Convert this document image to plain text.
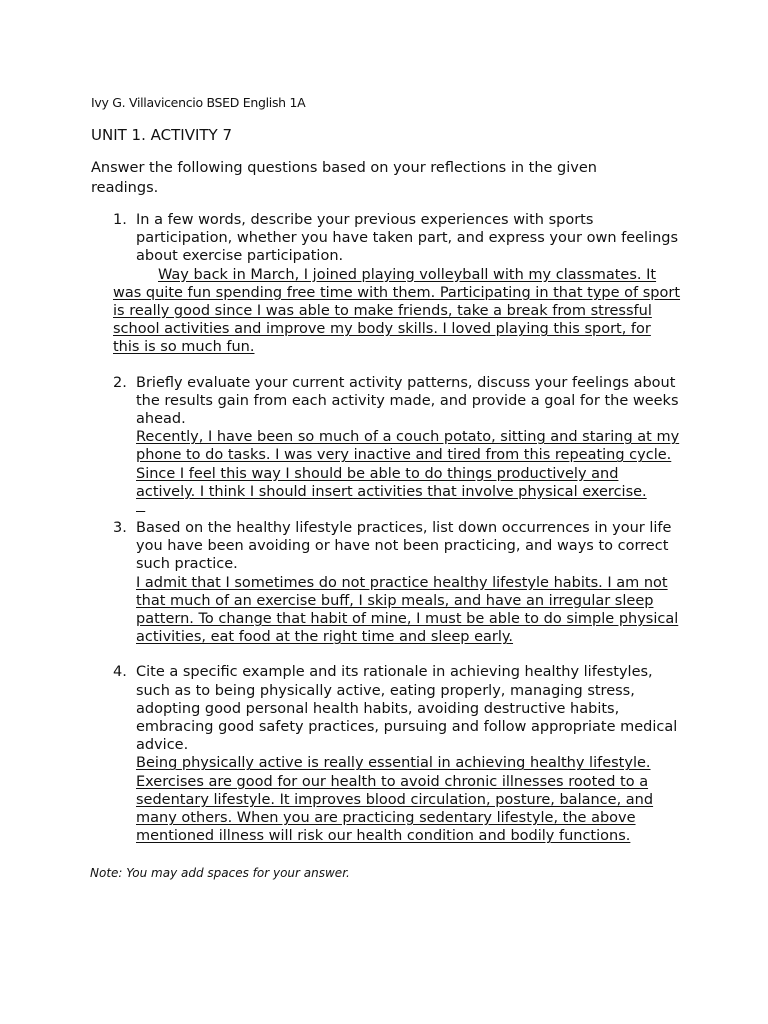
Ivy G. Villavicencio BSED English 1A

UNIT 1. ACTIVITY 7

Answer the following questions based on your reflections in the given readings.

1. In a few words, describe your previous experiences with sports participation, whether you have taken part, and express your own feelings about exercise participation.
Way back in March, I joined playing volleyball with my classmates. It was quite fun spending free time with them. Participating in that type of sport is really good since I was able to make friends, take a break from stressful school activities and improve my body skills. I loved playing this sport, for this is so much fun.
2. Briefly evaluate your current activity patterns, discuss your feelings about the results gain from each activity made, and provide a goal for the weeks ahead.
Recently, I have been so much of a couch potato, sitting and staring at my phone to do tasks. I was very inactive and tired from this repeating cycle. Since I feel this way I should be able to do things productively and actively. I think I should insert activities that involve physical exercise.

3. Based on the healthy lifestyle practices, list down occurrences in your life you have been avoiding or have not been practicing, and ways to correct such practice.
I admit that I sometimes do not practice healthy lifestyle habits. I am not that much of an exercise buff, I skip meals, and have an irregular sleep pattern. To change that habit of mine, I must be able to do simple physical activities, eat food at the right time and sleep early.
4. Cite a specific example and its rationale in achieving healthy lifestyles, such as to being physically active, eating properly, managing stress, adopting good personal health habits, avoiding destructive habits, embracing good safety practices, pursuing and follow appropriate medical advice.
Being physically active is really essential in achieving healthy lifestyle. Exercises are good for our health to avoid chronic illnesses rooted to a sedentary lifestyle. It improves blood circulation, posture, balance, and many others. When you are practicing sedentary lifestyle, the above mentioned illness will risk our health condition and bodily functions.

Note: You may add spaces for your answer.
